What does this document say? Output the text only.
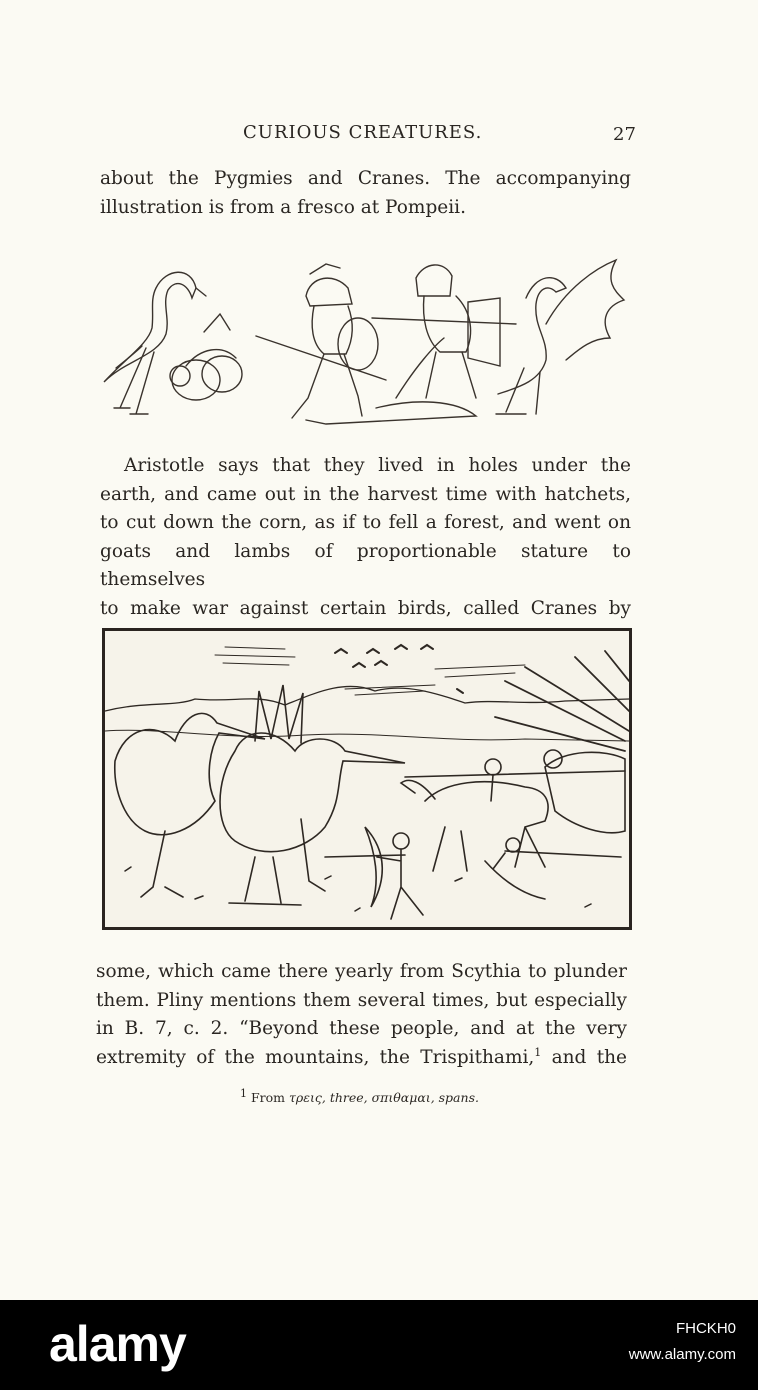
CURIOUS CREATURES.	27

about the Pygmies and Cranes. The accompanying

illustration is from a fresco at Pompeii.

Aristotle says that they lived in holes under the

earth, and came out in the harvest time with hatchets,

to cut down the corn, as if to fell a forest, and went on

goats and lambs of proportionable stature to themselves

to make war against certain birds, called Cranes by

some, which came there yearly from Scythia to plunder

them. Pliny mentions them several times, but especially

in B. 7, c. 2. “Beyond these people, and at the very

extremity of the mountains, the Trispithami,$^1$ and the

$^1$ From τρεις, three, σπιθαμαι, spans.
alamy	FHCKH0
www.alamy.com
